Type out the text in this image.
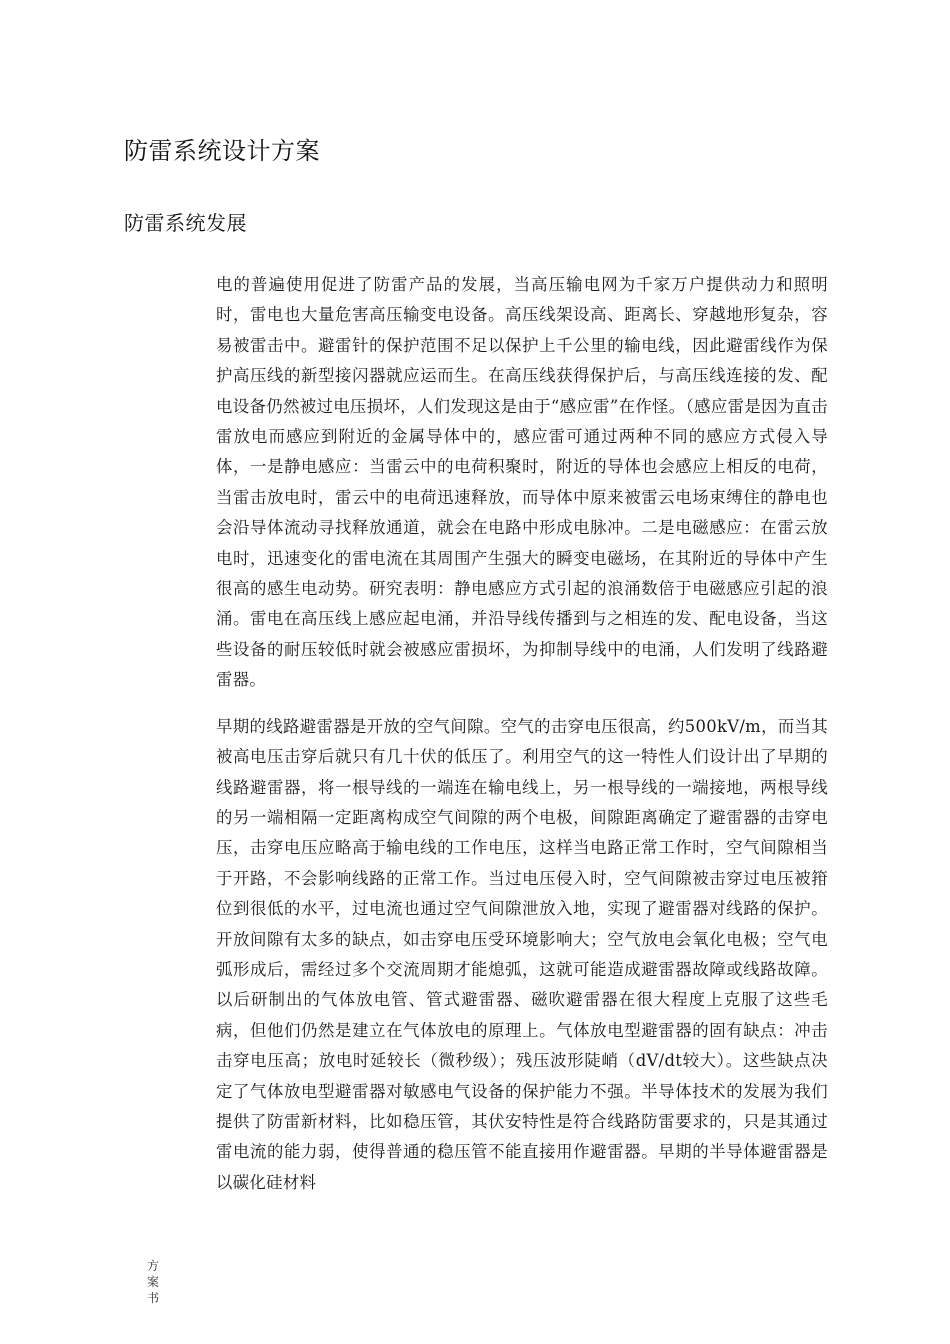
防雷系统设计方案
防雷系统发展

电的普遍使用促进了防雷产品的发展，当高压输电网为千家万户提供动力和照明时，雷电也大量危害高压输变电设备。高压线架设高、距离长、穿越地形复杂，容易被雷击中。避雷针的保护范围不足以保护上千公里的输电线，因此避雷线作为保护高压线的新型接闪器就应运而生。在高压线获得保护后，与高压线连接的发、配电设备仍然被过电压损坏，人们发现这是由于“感应雷”在作怪。（感应雷是因为直击雷放电而感应到附近的金属导体中的，感应雷可通过两种不同的感应方式侵入导体，一是静电感应：当雷云中的电荷积聚时，附近的导体也会感应上相反的电荷，当雷击放电时，雷云中的电荷迅速释放，而导体中原来被雷云电场束缚住的静电也会沿导体流动寻找释放通道，就会在电路中形成电脉冲。二是电磁感应：在雷云放电时，迅速变化的雷电流在其周围产生强大的瞬变电磁场，在其附近的导体中产生很高的感生电动势。研究表明：静电感应方式引起的浪涌数倍于电磁感应引起的浪涌。雷电在高压线上感应起电涌，并沿导线传播到与之相连的发、配电设备，当这些设备的耐压较低时就会被感应雷损坏，为抑制导线中的电涌，人们发明了线路避雷器。

早期的线路避雷器是开放的空气间隙。空气的击穿电压很高，约500kV/m，而当其被高电压击穿后就只有几十伏的低压了。利用空气的这一特性人们设计出了早期的线路避雷器，将一根导线的一端连在输电线上，另一根导线的一端接地，两根导线的另一端相隔一定距离构成空气间隙的两个电极，间隙距离确定了避雷器的击穿电压，击穿电压应略高于输电线的工作电压，这样当电路正常工作时，空气间隙相当于开路，不会影响线路的正常工作。当过电压侵入时，空气间隙被击穿过电压被箝位到很低的水平，过电流也通过空气间隙泄放入地，实现了避雷器对线路的保护。开放间隙有太多的缺点，如击穿电压受环境影响大；空气放电会氧化电极；空气电弧形成后，需经过多个交流周期才能熄弧，这就可能造成避雷器故障或线路故障。以后研制出的气体放电管、管式避雷器、磁吹避雷器在很大程度上克服了这些毛病，但他们仍然是建立在气体放电的原理上。气体放电型避雷器的固有缺点：冲击击穿电压高；放电时延较长（微秒级）；残压波形陡峭（dV/dt较大）。这些缺点决定了气体放电型避雷器对敏感电气设备的保护能力不强。半导体技术的发展为我们提供了防雷新材料，比如稳压管，其伏安特性是符合线路防雷要求的，只是其通过雷电流的能力弱，使得普通的稳压管不能直接用作避雷器。早期的半导体避雷器是以碳化硅材料

方案书
